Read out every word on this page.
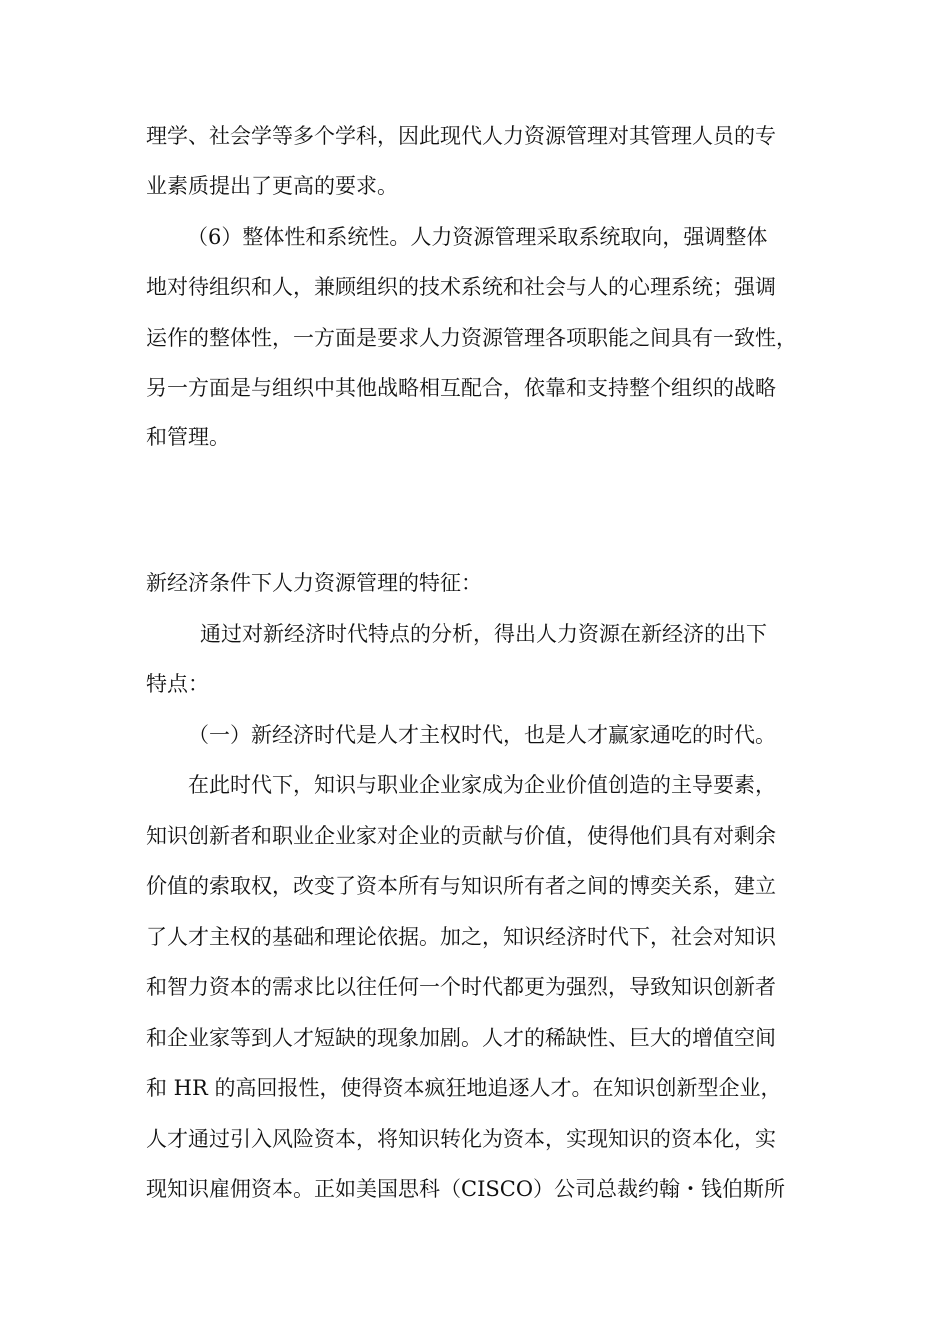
理学、社会学等多个学科，因此现代人力资源管理对其管理人员的专
业素质提出了更高的要求。
（6）整体性和系统性。人力资源管理采取系统取向，强调整体
地对待组织和人，兼顾组织的技术系统和社会与人的心理系统；强调
运作的整体性，一方面是要求人力资源管理各项职能之间具有一致性，
另一方面是与组织中其他战略相互配合，依靠和支持整个组织的战略
和管理。
新经济条件下人力资源管理的特征：
通过对新经济时代特点的分析，得出人力资源在新经济的出下
特点：
（一）新经济时代是人才主权时代，也是人才赢家通吃的时代。
在此时代下，知识与职业企业家成为企业价值创造的主导要素，
知识创新者和职业企业家对企业的贡献与价值，使得他们具有对剩余
价值的索取权，改变了资本所有与知识所有者之间的博奕关系，建立
了人才主权的基础和理论依据。加之，知识经济时代下，社会对知识
和智力资本的需求比以往任何一个时代都更为强烈，导致知识创新者
和企业家等到人才短缺的现象加剧。人才的稀缺性、巨大的增值空间
和 HR 的高回报性，使得资本疯狂地追逐人才。在知识创新型企业，
人才通过引入风险资本，将知识转化为资本，实现知识的资本化，实
现知识雇佣资本。正如美国思科（CISCO）公司总裁约翰・钱伯斯所
